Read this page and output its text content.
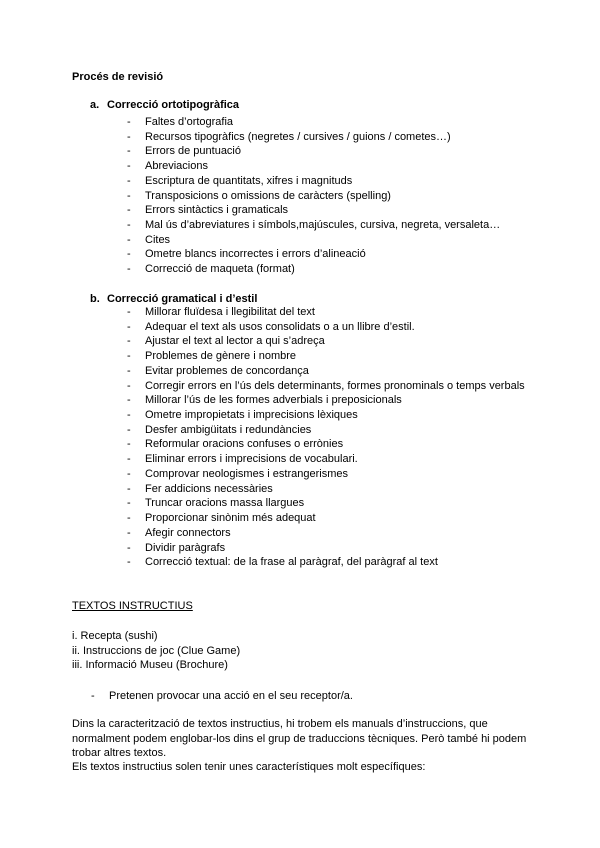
Procés de revisió

a. Correcció ortotipogràfica
- Faltes d’ortografia
- Recursos tipogràfics (negretes / cursives / guions / cometes…)
- Errors de puntuació
- Abreviacions
- Escriptura de quantitats, xifres i magnituds
- Transposicions o omissions de caràcters (spelling)
- Errors sintàctics i gramaticals
- Mal ús d’abreviatures i símbols,majúscules, cursiva, negreta, versaleta…
- Cites
- Ometre blancs incorrectes i errors d’alineació
- Correcció de maqueta (format)
b. Correcció gramatical i d’estil
- Millorar fluïdesa i llegibilitat del text
- Adequar el text als usos consolidats o a un llibre d’estil.
- Ajustar el text al lector a qui s’adreça
- Problemes de gènere i nombre
- Evitar problemes de concordança
- Corregir errors en l’ús dels determinants, formes pronominals o temps verbals
- Millorar l’ús de les formes adverbials i preposicionals
- Ometre impropietats i imprecisions lèxiques
- Desfer ambigüitats i redundàncies
- Reformular oracions confuses o errònies
- Eliminar errors i imprecisions de vocabulari.
- Comprovar neologismes i estrangerismes
- Fer addicions necessàries
- Truncar oracions massa llargues
- Proporcionar sinònim més adequat
- Afegir connectors
- Dividir paràgrafs
- Correcció textual: de la frase al paràgraf, del paràgraf al text

TEXTOS INSTRUCTIUS

i. Recepta (sushi)
ii. Instruccions de joc (Clue Game)
iii. Informació Museu (Brochure)
- Pretenen provocar una acció en el seu receptor/a.

Dins la caracterització de textos instructius, hi trobem els manuals d’instruccions, que normalment podem englobar-los dins el grup de traduccions tècniques. Però també hi podem trobar altres textos.

Els textos instructius solen tenir unes característiques molt específiques:
